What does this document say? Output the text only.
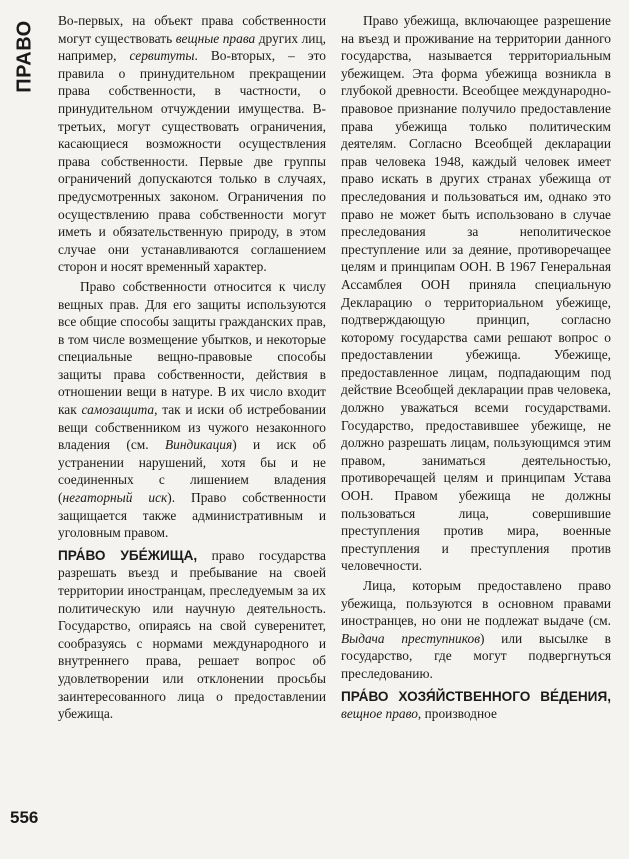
ПРАВО Во-первых, на объект права собственности могут существовать вещные права других лиц, например, сервитуты. Во-вторых, – это правила о принудительном прекращении права собственности, в частности, о принудительном отчуждении имущества. В-третьих, могут существовать ограничения, касающиеся возможности осуществления права собственности. Первые две группы ограничений допускаются только в случаях, предусмотренных законом. Ограничения по осуществлению права собственности могут иметь и обязательственную природу, в этом случае они устанавливаются соглашением сторон и носят временный характер.

Право собственности относится к числу вещных прав. Для его защиты используются все общие способы защиты гражданских прав, в том числе возмещение убытков, и некоторые специальные вещно-правовые способы защиты права собственности, действия в отношении вещи в натуре. В их число входит как самозащита, так и иски об истребовании вещи собственником из чужого незаконного владения (см. Виндикация) и иск об устранении нарушений, хотя бы и не соединенных с лишением владения (негаторный иск). Право собственности защищается также административным и уголовным правом.

ПРА́ВО УБЕ́ЖИЩА, право государства разрешать въезд и пребывание на своей территории иностранцам, преследуемым за их политическую или научную деятельность. Государство, опираясь на свой суверенитет, сообразуясь с нормами международного и внутреннего права, решает вопрос об удовлетворении или отклонении просьбы заинтересованного лица о предоставлении убежища.

Право убежища, включающее разрешение на въезд и проживание на территории данного государства, называется территориальным убежищем. Эта форма убежища возникла в глубокой древности. Всеобщее международно-правовое признание получило предоставление права убежища только политическим деятелям. Согласно Всеобщей декларации прав человека 1948, каждый человек имеет право искать в других странах убежища от преследования и пользоваться им, однако это право не может быть использовано в случае преследования за неполитическое преступление или за деяние, противоречащее целям и принципам ООН. В 1967 Генеральная Ассамблея ООН приняла специальную Декларацию о территориальном убежище, подтверждающую принцип, согласно которому государства сами решают вопрос о предоставлении убежища. Убежище, предоставленное лицам, подпадающим под действие Всеобщей декларации прав человека, должно уважаться всеми государствами. Государство, предоставившее убежище, не должно разрешать лицам, пользующимся этим правом, заниматься деятельностью, противоречащей целям и принципам Устава ООН. Правом убежища не должны пользоваться лица, совершившие преступления против мира, военные преступления и преступления против человечности.

Лица, которым предоставлено право убежища, пользуются в основном правами иностранцев, но они не подлежат выдаче (см. Выдача преступников) или высылке в государство, где могут подвергнуться преследованию.

ПРА́ВО ХОЗЯ́ЙСТВЕННОГО ВЕ́ДЕНИЯ, вещное право, производное

556
